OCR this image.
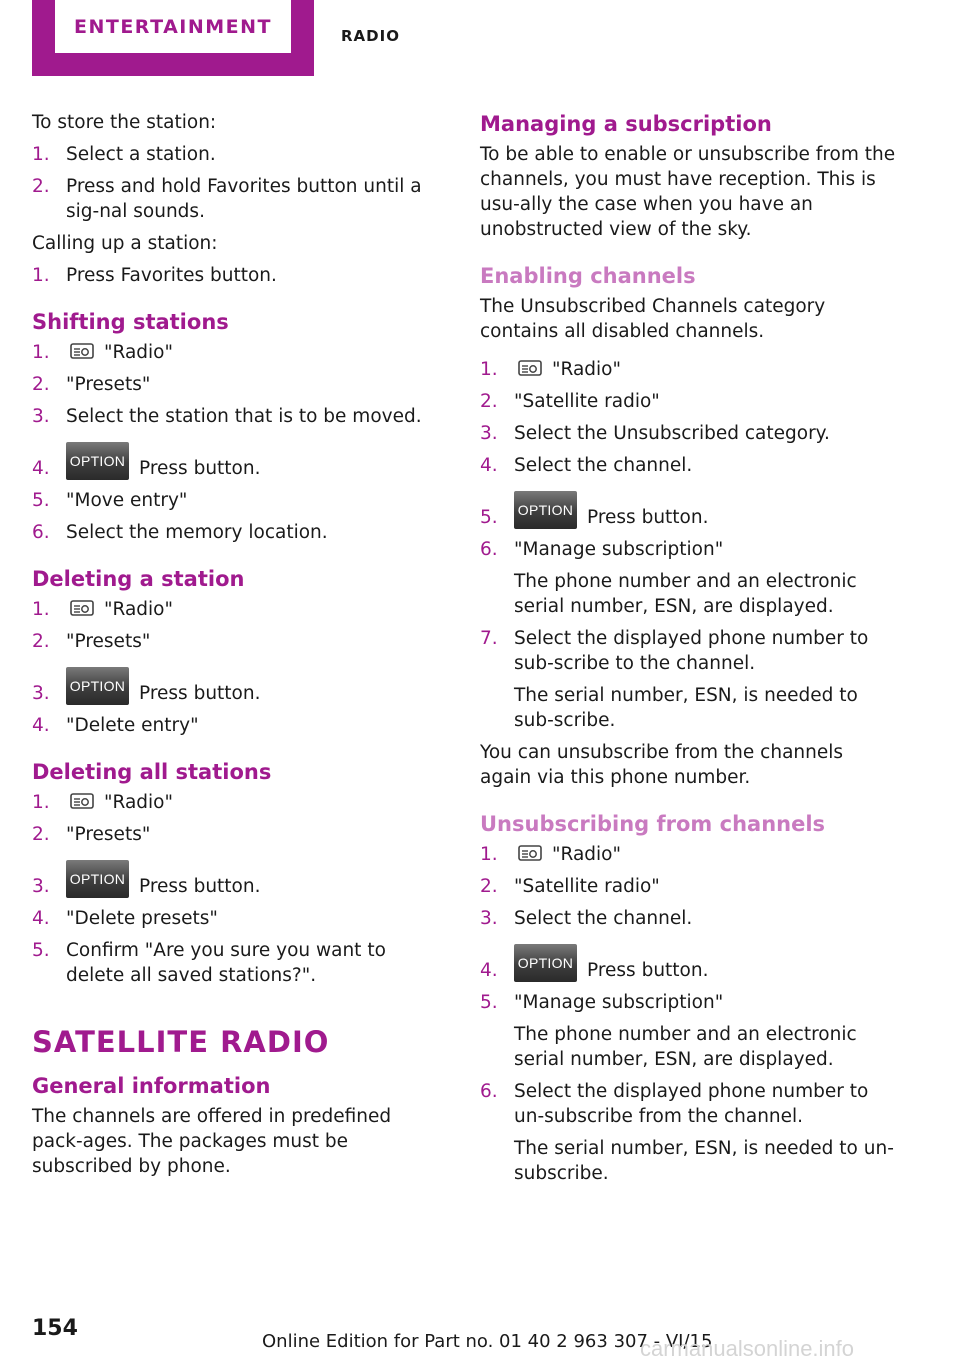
ENTERTAINMENT	RADIO

To store the station:

1. Select a station.
2. Press and hold Favorites button until a sig‐nal sounds.

Calling up a station:

1. Press Favorites button.
Shifting stations
1.	"Radio"
2. "Presets"
3. Select the station that is to be moved.
4. OPTION Press button.
5. "Move entry"
6. Select the memory location.
Deleting a station
1.	"Radio"
2. "Presets"
3. OPTION Press button.
4. "Delete entry"
Deleting all stations
1.	"Radio"
2. "Presets"
3. OPTION Press button.
4. "Delete presets"
5. Confirm "Are you sure you want to delete all saved stations?".
SATELLITE RADIO
General information

The channels are offered in predefined pack‐ages. The packages must be subscribed by phone.

Managing a subscription

To be able to enable or unsubscribe from the channels, you must have reception. This is usu‐ally the case when you have an unobstructed view of the sky.

Enabling channels

The Unsubscribed Channels category contains all disabled channels.

1.	"Radio"
2. "Satellite radio"
3. Select the Unsubscribed category.
4. Select the channel.
5. OPTION Press button.
6. "Manage subscription"
The phone number and an electronic serial number, ESN, are displayed.
7. Select the displayed phone number to sub‐scribe to the channel.
The serial number, ESN, is needed to sub‐scribe.

You can unsubscribe from the channels again via this phone number.

Unsubscribing from channels
1.	"Radio"
2. "Satellite radio"
3. Select the channel.
4. OPTION Press button.
5. "Manage subscription"
The phone number and an electronic serial number, ESN, are displayed.
6. Select the displayed phone number to un‐subscribe from the channel.
The serial number, ESN, is needed to un‐subscribe.
154
Online Edition for Part no. 01 40 2 963 307 - VI/15
carmanualsonline.info
